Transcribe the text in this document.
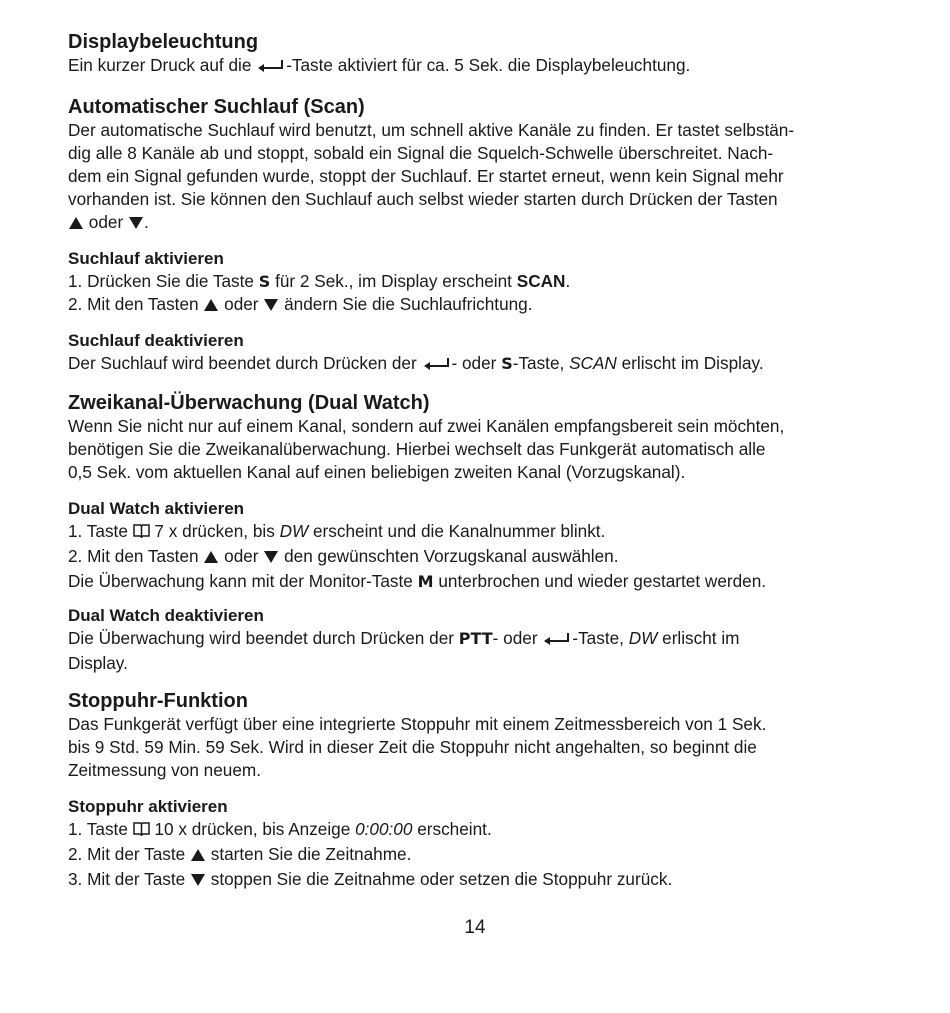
Displaybeleuchtung

Ein kurzer Druck auf die -Taste aktiviert für ca. 5 Sek. die Displaybeleuchtung.

Automatischer Suchlauf (Scan)
Der automatische Suchlauf wird benutzt, um schnell aktive Kanäle zu finden. Er tastet selbstän-
dig alle 8 Kanäle ab und stoppt, sobald ein Signal die Squelch-Schwelle überschreitet. Nach-
dem ein Signal gefunden wurde, stoppt der Suchlauf. Er startet erneut, wenn kein Signal mehr
vorhanden ist. Sie können den Suchlauf auch selbst wieder starten durch Drücken der Tasten
oder .
Suchlauf aktivieren
1. Drücken Sie die Taste S für 2 Sek., im Display erscheint SCAN.
2. Mit den Tasten  oder  ändern Sie die Suchlaufrichtung.
Suchlauf deaktivieren
Der Suchlauf wird beendet durch Drücken der - oder S-Taste, SCAN erlischt im Display.
Zweikanal-Überwachung (Dual Watch)
Wenn Sie nicht nur auf einem Kanal, sondern auf zwei Kanälen empfangsbereit sein möchten,
benötigen Sie die Zweikanalüberwachung. Hierbei wechselt das Funkgerät automatisch alle
0,5 Sek. vom aktuellen Kanal auf einen beliebigen zweiten Kanal (Vorzugskanal).
Dual Watch aktivieren
1. Taste  7 x drücken, bis DW erscheint und die Kanalnummer blinkt.
2. Mit den Tasten  oder  den gewünschten Vorzugskanal auswählen.
Die Überwachung kann mit der Monitor-Taste M unterbrochen und wieder gestartet werden.
Dual Watch deaktivieren
Die Überwachung wird beendet durch Drücken der PTT- oder -Taste, DW erlischt im
Display.
Stoppuhr-Funktion
Das Funkgerät verfügt über eine integrierte Stoppuhr mit einem Zeitmessbereich von 1 Sek.
bis 9 Std. 59 Min. 59 Sek. Wird in dieser Zeit die Stoppuhr nicht angehalten, so beginnt die
Zeitmessung von neuem.
Stoppuhr aktivieren
1. Taste  10 x drücken, bis Anzeige 0:00:00 erscheint.
2. Mit der Taste  starten Sie die Zeitnahme.
3. Mit der Taste  stoppen Sie die Zeitnahme oder setzen die Stoppuhr zurück.
14
